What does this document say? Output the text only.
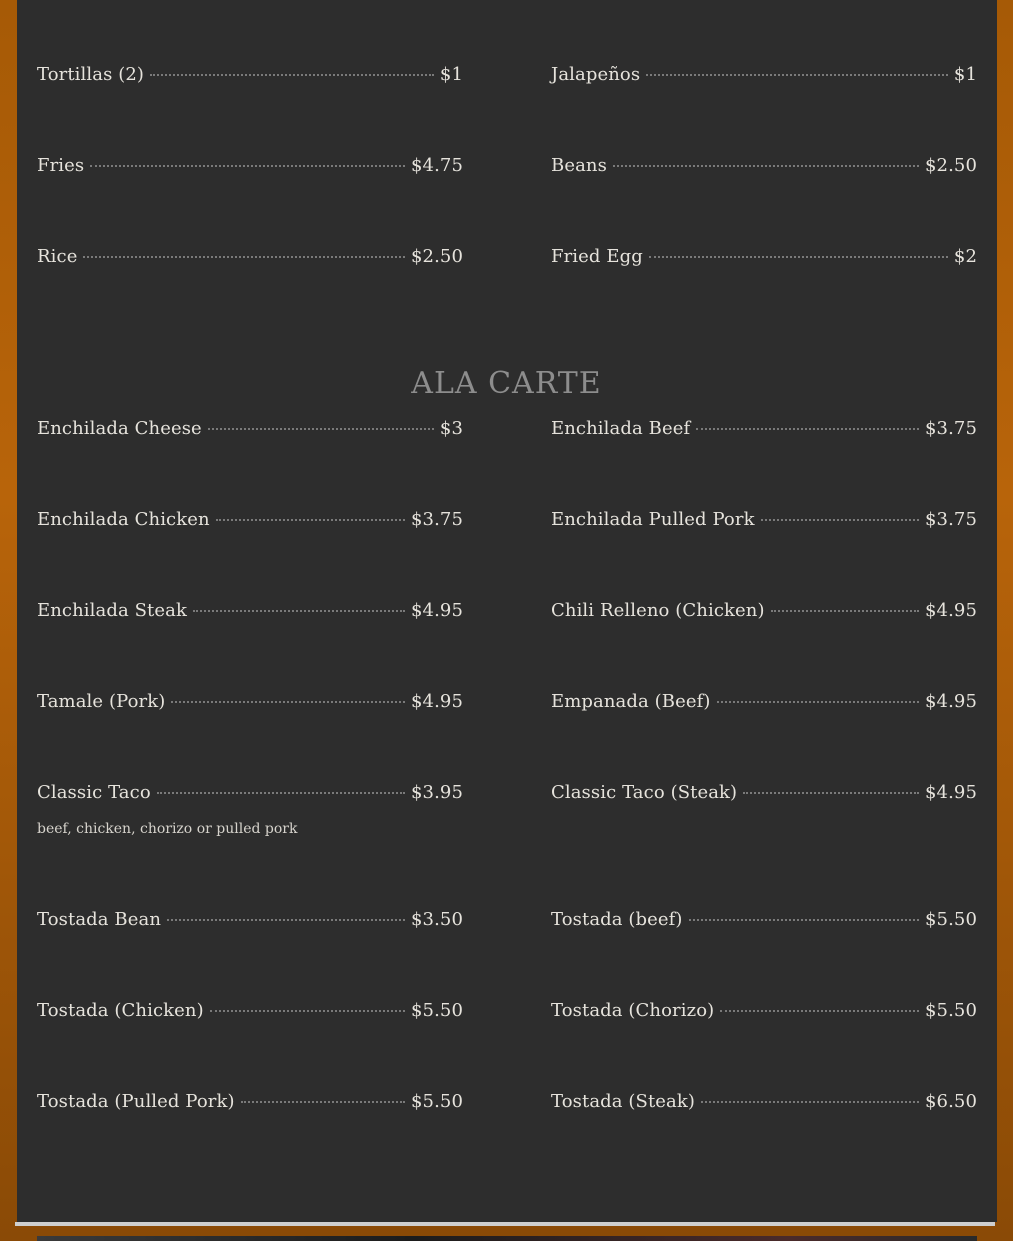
Tortillas (2)	$1	Jalapeños	$1
Fries	$4.75	Beans	$2.50
Rice	$2.50	Fried Egg	$2
ALA CARTE
Enchilada Cheese	$3	Enchilada Beef	$3.75
Enchilada Chicken	$3.75	Enchilada Pulled Pork	$3.75
Enchilada Steak	$4.95	Chili Relleno (Chicken)	$4.95
Tamale (Pork)	$4.95	Empanada (Beef)	$4.95
Classic Taco	$3.95
beef, chicken, chorizo or pulled pork
Classic Taco (Steak)	$4.95
Tostada Bean	$3.50	Tostada (beef)	$5.50
Tostada (Chicken)	$5.50	Tostada (Chorizo)	$5.50
Tostada (Pulled Pork)	$5.50	Tostada (Steak)	$6.50
